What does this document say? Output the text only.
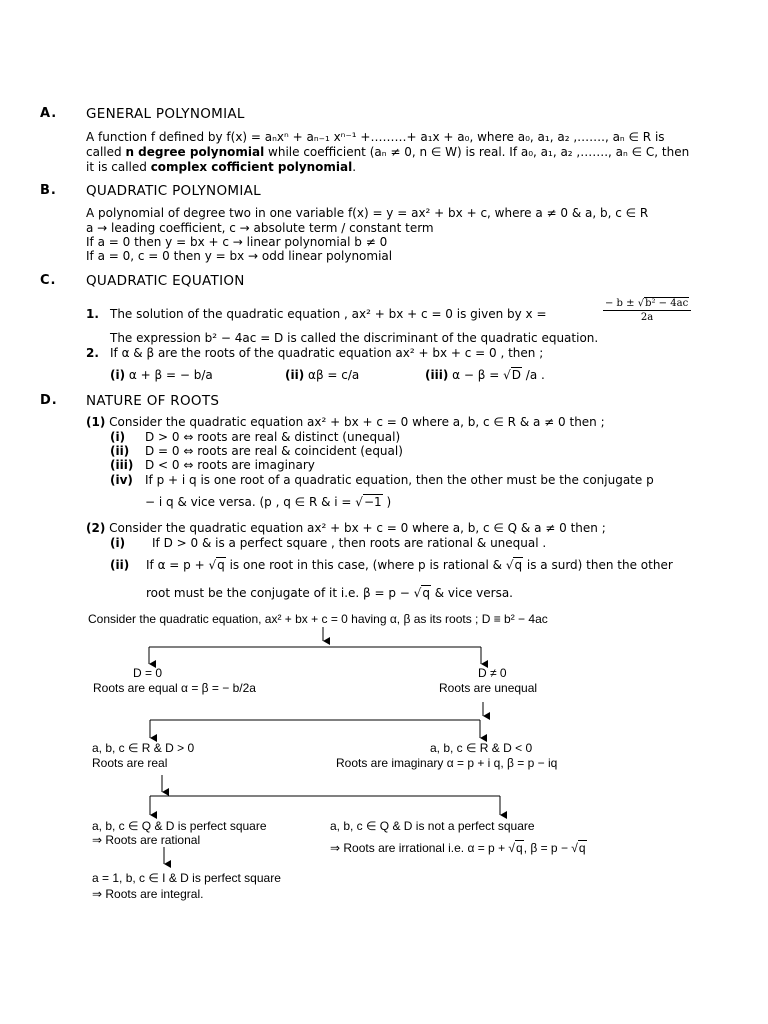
A. GENERAL POLYNOMIAL
A function f defined by f(x) = aₙxⁿ + aₙ₋₁ xⁿ⁻¹ +………+ a₁x + a₀, where a₀, a₁, a₂ ,……., aₙ ∈ R is
called n degree polynomial while coefficient (aₙ ≠ 0, n ∈ W) is real. If a₀, a₁, a₂ ,……., aₙ ∈ C, then
it is called complex cofficient polynomial.
B. QUADRATIC POLYNOMIAL
A polynomial of degree two in one variable f(x) = y = ax² + bx + c, where a ≠ 0 & a, b, c ∈ R
a → leading coefficient, c → absolute term / constant term
If a = 0 then y = bx + c → linear polynomial b ≠ 0
If a = 0, c = 0 then y = bx → odd linear polynomial
C. QUADRATIC EQUATION
1. The solution of the quadratic equation , ax² + bx + c = 0 is given by x =	$\frac{\text{− b ± √b² − 4ac}}{2a}$
The expression b² − 4ac = D is called the discriminant of the quadratic equation.
2. If α & β are the roots of the quadratic equation ax² + bx + c = 0 , then ;
(i) α + β = − b/a	(ii) αβ = c/a	(iii) α − β = √D /a .
D. NATURE OF ROOTS
(1) Consider the quadratic equation ax² + bx + c = 0 where a, b, c ∈ R & a ≠ 0 then ;
(i) D > 0 ⇔ roots are real & distinct (unequal)
(ii) D = 0 ⇔ roots are real & coincident (equal)
(iii) D < 0 ⇔ roots are imaginary
(iv) If p + i q is one root of a quadratic equation, then the other must be the conjugate p
− i q & vice versa. (p , q ∈ R & i = √−1 )
(2) Consider the quadratic equation ax² + bx + c = 0 where a, b, c ∈ Q & a ≠ 0 then ;
(i) If D > 0 & is a perfect square , then roots are rational & unequal .
(ii) If α = p + √q is one root in this case, (where p is rational & √q is a surd) then the other
root must be the conjugate of it i.e. β = p − √q & vice versa.
Consider the quadratic equation, ax² + bx + c = 0 having α, β as its roots ; D ≡ b² − 4ac
D = 0
Roots are equal α = β = − b/2a
D ≠ 0
Roots are unequal
a, b, c ∈ R & D > 0
Roots are real
a, b, c ∈ R & D < 0
Roots are imaginary α = p + i q, β = p − iq
a, b, c ∈ Q & D is perfect square
⇒ Roots are rational
a, b, c ∈ Q & D is not a perfect square
⇒ Roots are irrational i.e. α = p + √q, β = p − √q
a = 1, b, c ∈ I & D is perfect square
⇒ Roots are integral.
